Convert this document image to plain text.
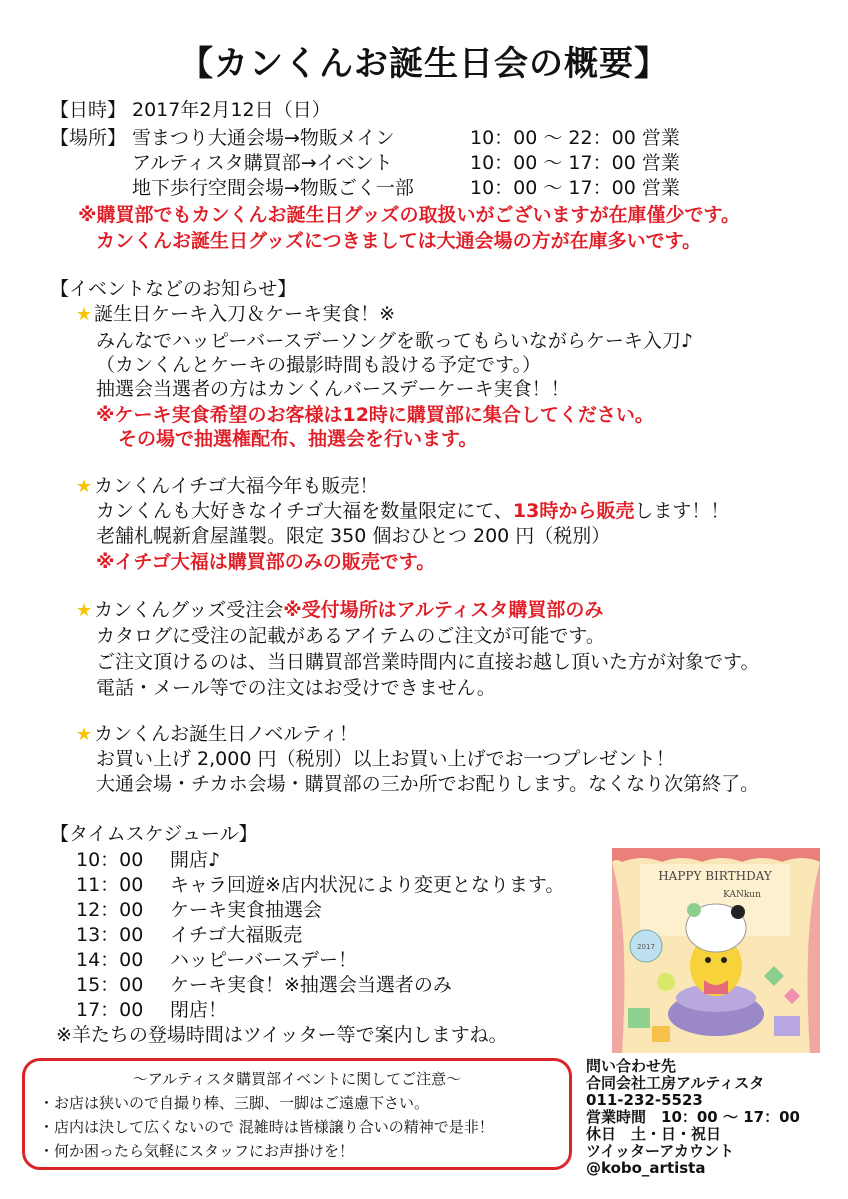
【カンくんお誕生日会の概要】
【日時】 2017年2月12日（日）
【場所】 雪まつり大通会場→物販メイン	10：00 ～ 22：00 営業
アルティスタ購買部→イベント	10：00 ～ 17：00 営業
地下歩行空間会場→物販ごく一部	10：00 ～ 17：00 営業
※購買部でもカンくんお誕生日グッズの取扱いがございますが在庫僅少です。
カンくんお誕生日グッズにつきましては大通会場の方が在庫多いです。
【イベントなどのお知らせ】
★ 誕生日ケーキ入刀＆ケーキ実食！※
みんなでハッピーバースデーソングを歌ってもらいながらケーキ入刀♪
（カンくんとケーキの撮影時間も設ける予定です。）
抽選会当選者の方はカンくんバースデーケーキ実食！！
※ケーキ実食希望のお客様は12時に購買部に集合してください。
その場で抽選権配布、抽選会を行います。
★ カンくんイチゴ大福今年も販売！
カンくんも大好きなイチゴ大福を数量限定にて、13時から販売します！！
老舗札幌新倉屋謹製。限定 350 個おひとつ 200 円（税別）
※イチゴ大福は購買部のみの販売です。
★ カンくんグッズ受注会※受付場所はアルティスタ購買部のみ
カタログに受注の記載があるアイテムのご注文が可能です。
ご注文頂けるのは、当日購買部営業時間内に直接お越し頂いた方が対象です。
電話・メール等での注文はお受けできません。
★ カンくんお誕生日ノベルティ！
お買い上げ 2,000 円（税別）以上お買い上げでお一つプレゼント！
大通会場・チカホ会場・購買部の三か所でお配りします。なくなり次第終了。
【タイムスケジュール】
10：00 開店♪
11：00 キャラ回遊※店内状況により変更となります。
12：00 ケーキ実食抽選会
13：00 イチゴ大福販売
14：00 ハッピーバースデー！
15：00 ケーキ実食！※抽選会当選者のみ
17：00 閉店！
※羊たちの登場時間はツイッター等で案内しますね。
HAPPY BIRTHDAY
KANkun
2017
～アルティスタ購買部イベントに関してご注意～
・お店は狭いので自撮り棒、三脚、一脚はご遠慮下さい。
・店内は決して広くないので 混雑時は皆様譲り合いの精神で是非！
・何か困ったら気軽にスタッフにお声掛けを！
問い合わせ先
合同会社工房アルティスタ
011-232-5523
営業時間　10：00 ～ 17：00
休日　土・日・祝日
ツイッターアカウント
@kobo_artista
